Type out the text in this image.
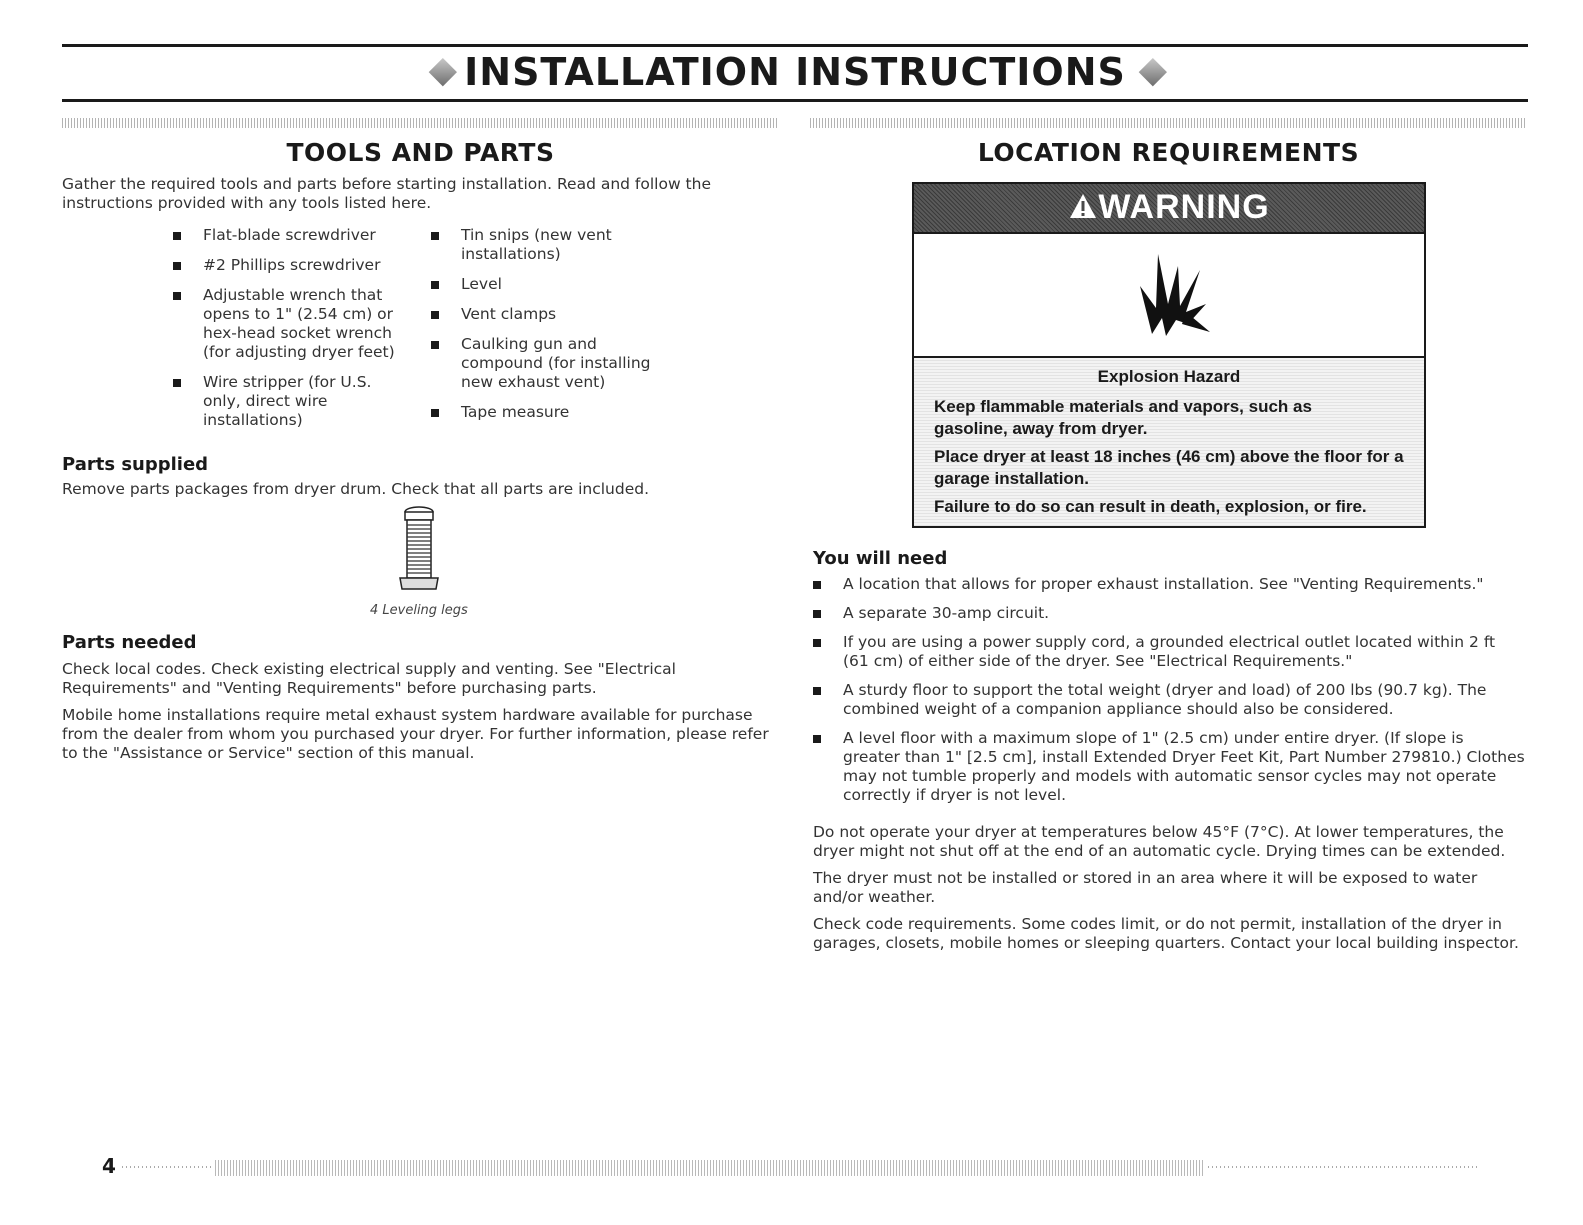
INSTALLATION INSTRUCTIONS
TOOLS AND PARTS
Gather the required tools and parts before starting installation. Read and follow the instructions provided with any tools listed here.
Flat-blade screwdriver
#2 Phillips screwdriver
Adjustable wrench that opens to 1" (2.54 cm) or hex-head socket wrench (for adjusting dryer feet)
Wire stripper (for U.S. only, direct wire installations)
Tin snips (new vent installations)
Level
Vent clamps
Caulking gun and compound (for installing new exhaust vent)
Tape measure
Parts supplied
Remove parts packages from dryer drum. Check that all parts are included.
4 Leveling legs
Parts needed

Check local codes. Check existing electrical supply and venting. See "Electrical Requirements" and "Venting Requirements" before purchasing parts.

Mobile home installations require metal exhaust system hardware available for purchase from the dealer from whom you purchased your dryer. For further information, please refer to the "Assistance or Service" section of this manual.

LOCATION REQUIREMENTS
WARNING
Explosion Hazard
Keep flammable materials and vapors, such as gasoline, away from dryer.
Place dryer at least 18 inches (46 cm) above the floor for a garage installation.
Failure to do so can result in death, explosion, or fire.
You will need
A location that allows for proper exhaust installation. See "Venting Requirements."
A separate 30-amp circuit.
If you are using a power supply cord, a grounded electrical outlet located within 2 ft (61 cm) of either side of the dryer. See "Electrical Requirements."
A sturdy floor to support the total weight (dryer and load) of 200 lbs (90.7 kg). The combined weight of a companion appliance should also be considered.
A level floor with a maximum slope of 1" (2.5 cm) under entire dryer. (If slope is greater than 1" [2.5 cm], install Extended Dryer Feet Kit, Part Number 279810.) Clothes may not tumble properly and models with automatic sensor cycles may not operate correctly if dryer is not level.

Do not operate your dryer at temperatures below 45°F (7°C). At lower temperatures, the dryer might not shut off at the end of an automatic cycle. Drying times can be extended.

The dryer must not be installed or stored in an area where it will be exposed to water and/or weather.

Check code requirements. Some codes limit, or do not permit, installation of the dryer in garages, closets, mobile homes or sleeping quarters. Contact your local building inspector.

4
